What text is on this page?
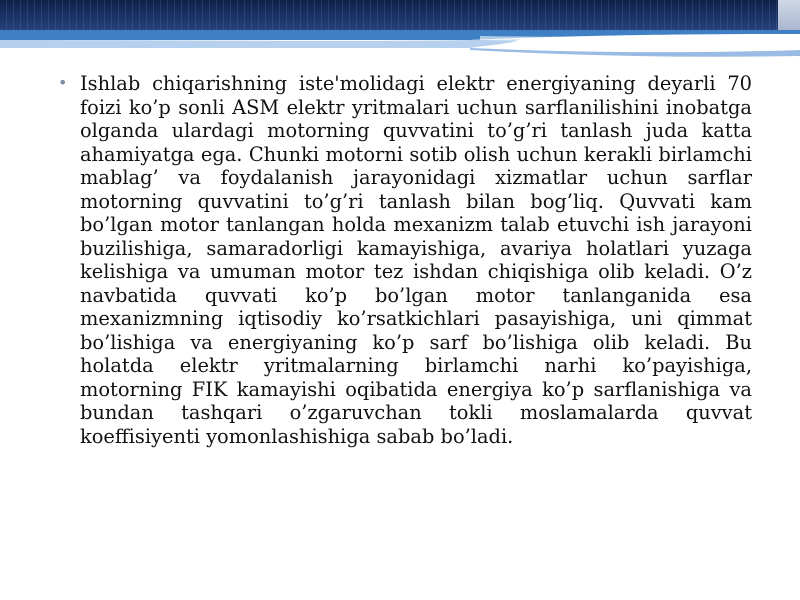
• Ishlab chiqarishning iste'molidagi elektr energiyaning deyarli 70 foizi ko’p sonli ASM elektr yritmalari uchun sarflanilishini inobatga olganda ulardagi motorning quvvatini to’g’ri tanlash juda katta ahamiyatga ega. Chunki motorni sotib olish uchun kerakli birlamchi mablag’ va foydalanish jarayonidagi xizmatlar uchun sarflar motorning quvvatini to’g’ri tanlash bilan bog’liq. Quvvati kam bo’lgan motor tanlangan holda mexanizm talab etuvchi ish jarayoni buzilishiga, samaradorligi kamayishiga, avariya holatlari yuzaga kelishiga va umuman motor tez ishdan chiqishiga olib keladi. O’z navbatida quvvati ko’p bo’lgan motor tanlanganida esa mexanizmning iqtisodiy ko’rsatkichlari pasayishiga, uni qimmat bo’lishiga va energiyaning ko’p sarf bo’lishiga olib keladi. Bu holatda elektr yritmalarning birlamchi narhi ko’payishiga, motorning FIK kamayishi oqibatida energiya ko’p sarflanishiga va bundan tashqari o’zgaruvchan tokli moslamalarda quvvat koeffisiyenti yomonlashishiga sabab bo’ladi.
